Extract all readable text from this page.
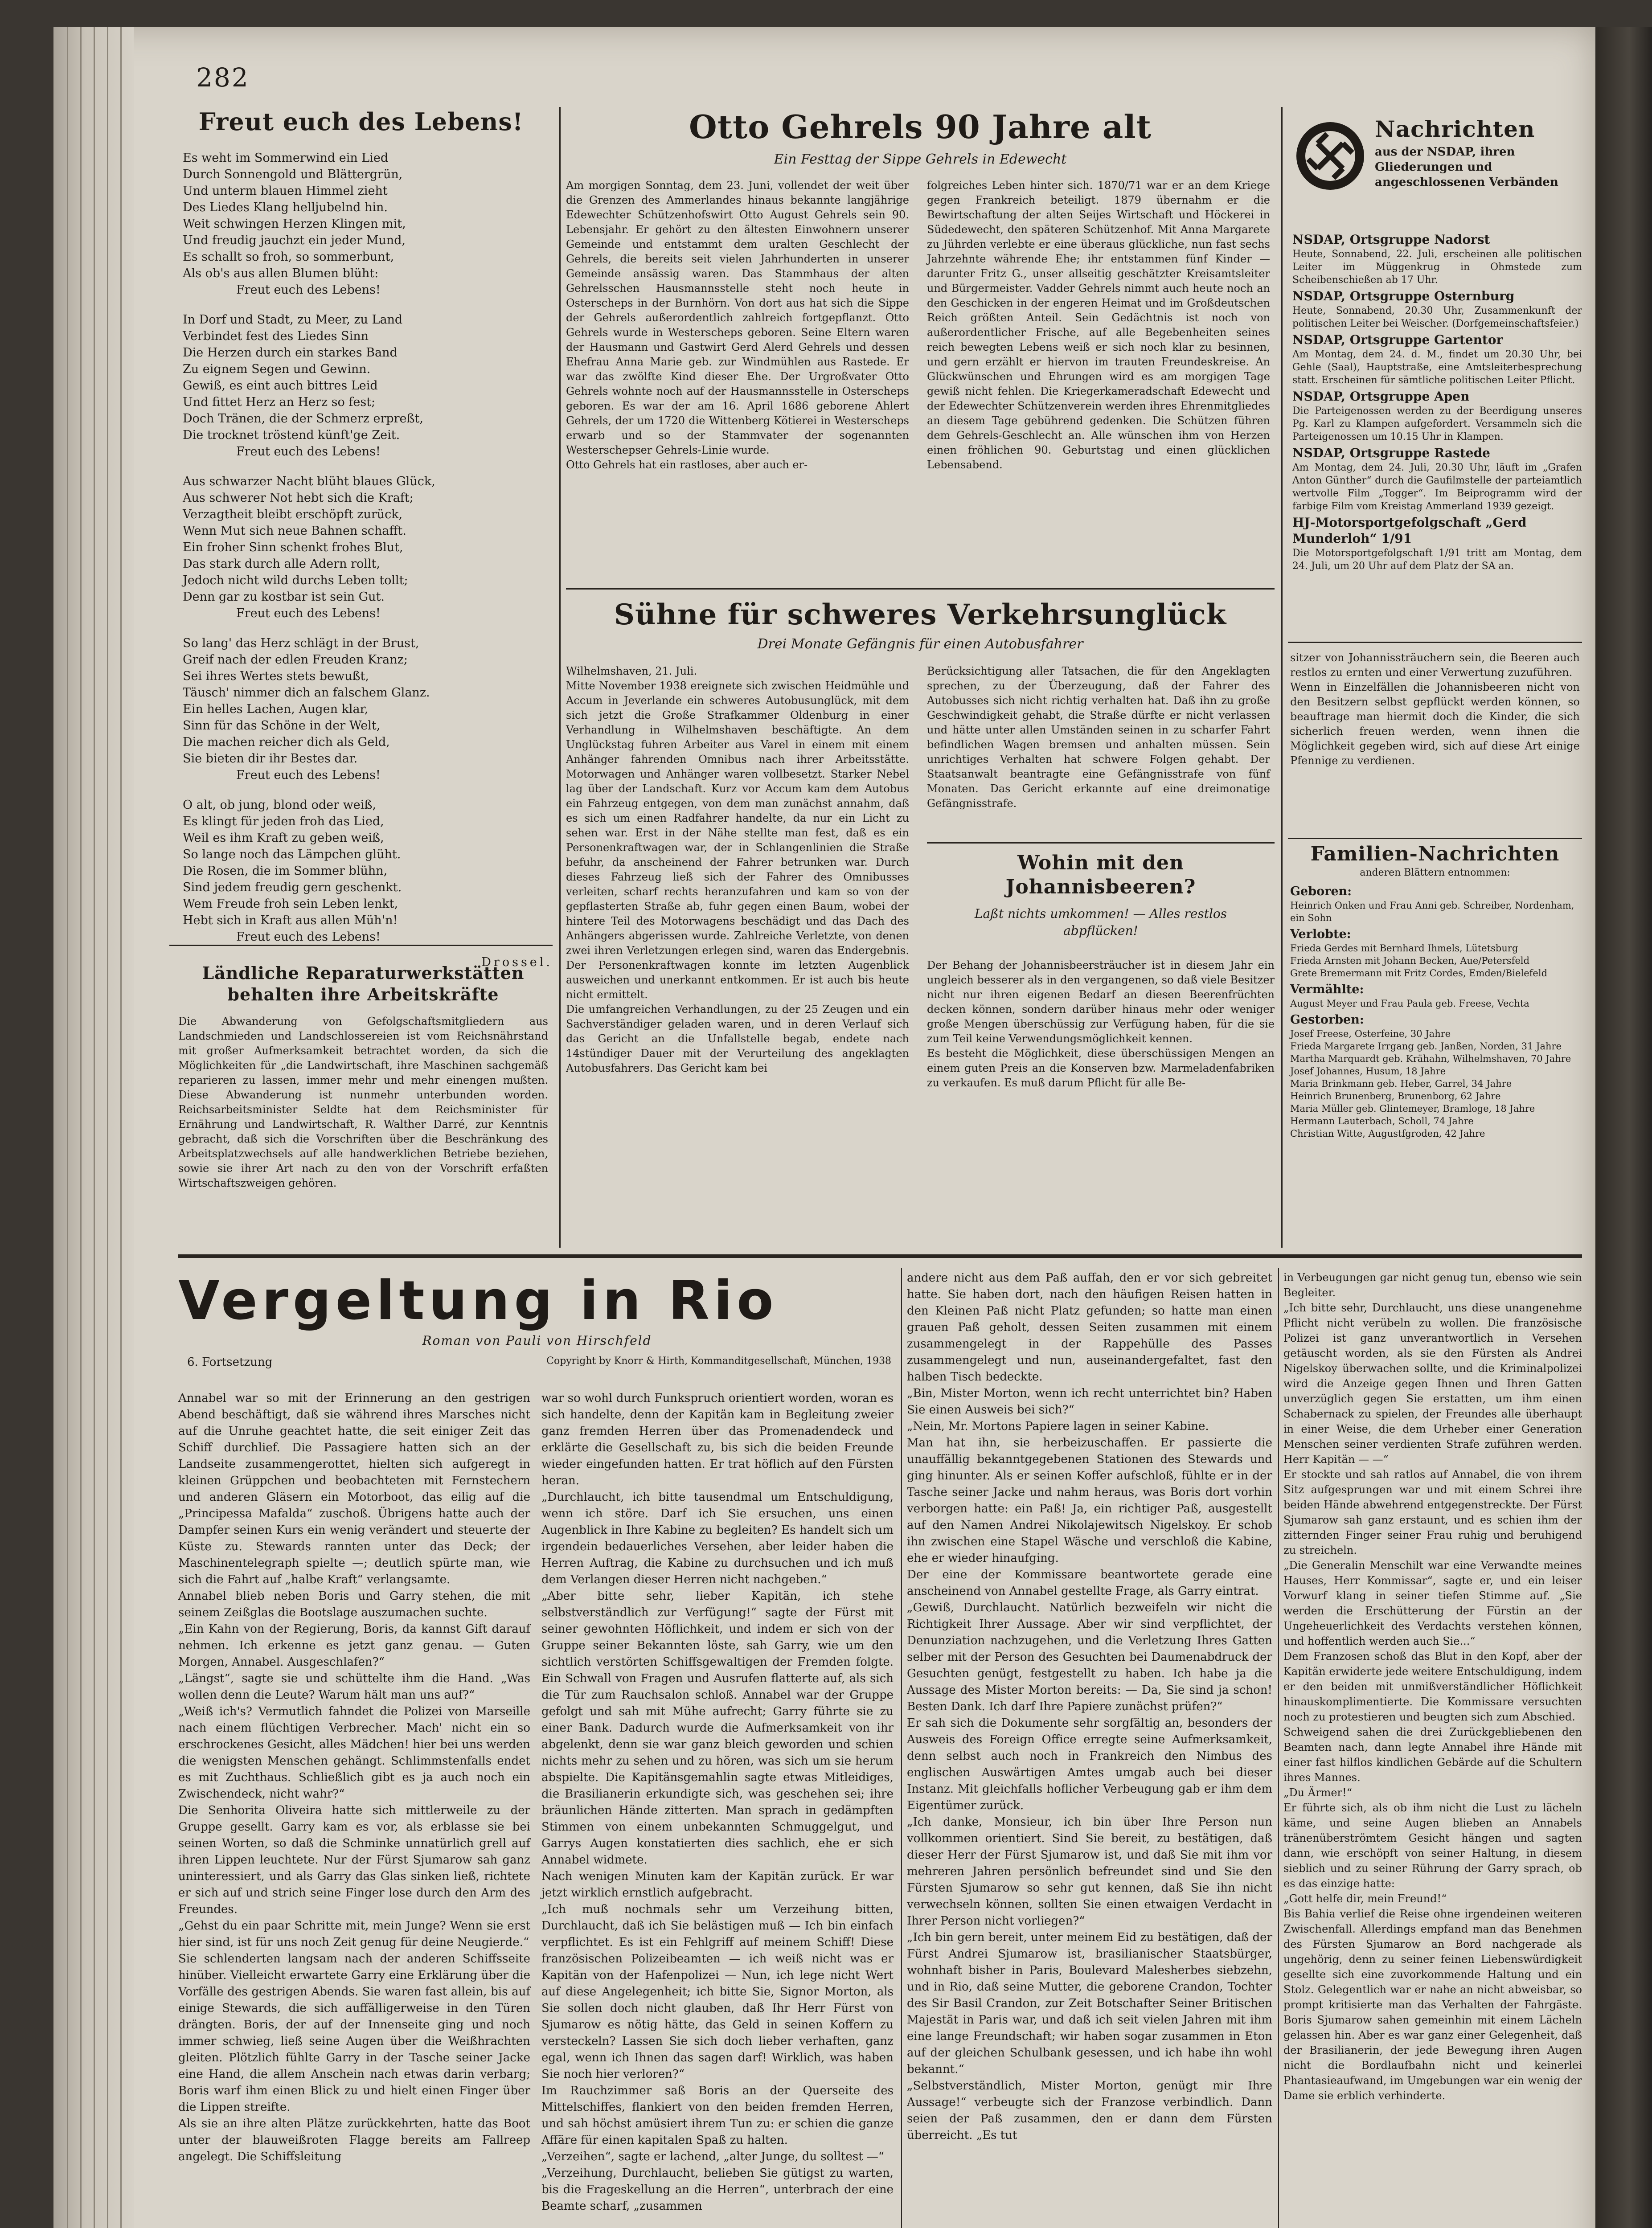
282
Freut euch des Lebens!

Es weht im Sommerwind ein Lied
Durch Sonnengold und Blättergrün,
Und unterm blauen Himmel zieht
Des Liedes Klang helljubelnd hin.
Weit schwingen Herzen Klingen mit,
Und freudig jauchzt ein jeder Mund,
Es schallt so froh, so sommerbunt,
Als ob's aus allen Blumen blüht:

Freut euch des Lebens!

In Dorf und Stadt, zu Meer, zu Land
Verbindet fest des Liedes Sinn
Die Herzen durch ein starkes Band
Zu eignem Segen und Gewinn.
Gewiß, es eint auch bittres Leid
Und fittet Herz an Herz so fest;
Doch Tränen, die der Schmerz erpreßt,
Die trocknet tröstend künft'ge Zeit.

Freut euch des Lebens!

Aus schwarzer Nacht blüht blaues Glück,
Aus schwerer Not hebt sich die Kraft;
Verzagtheit bleibt erschöpft zurück,
Wenn Mut sich neue Bahnen schafft.
Ein froher Sinn schenkt frohes Blut,
Das stark durch alle Adern rollt,
Jedoch nicht wild durchs Leben tollt;
Denn gar zu kostbar ist sein Gut.

Freut euch des Lebens!

So lang' das Herz schlägt in der Brust,
Greif nach der edlen Freuden Kranz;
Sei ihres Wertes stets bewußt,
Täusch' nimmer dich an falschem Glanz.
Ein helles Lachen, Augen klar,
Sinn für das Schöne in der Welt,
Die machen reicher dich als Geld,
Sie bieten dir ihr Bestes dar.

Freut euch des Lebens!

O alt, ob jung, blond oder weiß,
Es klingt für jeden froh das Lied,
Weil es ihm Kraft zu geben weiß,
So lange noch das Lämpchen glüht.
Die Rosen, die im Sommer blühn,
Sind jedem freudig gern geschenkt.
Wem Freude froh sein Leben lenkt,
Hebt sich in Kraft aus allen Müh'n!

Freut euch des Lebens!

Drossel.

Ländliche Reparaturwerkstätten behalten ihre Arbeitskräfte

Die Abwanderung von Gefolgschaftsmitgliedern aus Landschmieden und Landschlossereien ist vom Reichsnährstand mit großer Aufmerksamkeit betrachtet worden, da sich die Möglichkeiten für „die Landwirtschaft, ihre Maschinen sachgemäß reparieren zu lassen, immer mehr und mehr einengen mußten. Diese Abwanderung ist nunmehr unterbunden worden. Reichsarbeitsminister Seldte hat dem Reichsminister für Ernährung und Landwirtschaft, R. Walther Darré, zur Kenntnis gebracht, daß sich die Vorschriften über die Beschränkung des Arbeitsplatzwechsels auf alle handwerklichen Betriebe beziehen, sowie sie ihrer Art nach zu den von der Vorschrift erfaßten Wirtschaftszweigen gehören.

Otto Gehrels 90 Jahre alt

Ein Festtag der Sippe Gehrels in Edewecht

Am morgigen Sonntag, dem 23. Juni, vollendet der weit über die Grenzen des Ammerlandes hinaus bekannte langjährige Edewechter Schützenhofswirt Otto August Gehrels sein 90. Lebensjahr. Er gehört zu den ältesten Einwohnern unserer Gemeinde und entstammt dem uralten Geschlecht der Gehrels, die bereits seit vielen Jahrhunderten in unserer Gemeinde ansässig waren. Das Stammhaus der alten Gehrelsschen Hausmannsstelle steht noch heute in Osterscheps in der Burnhörn. Von dort aus hat sich die Sippe der Gehrels außerordentlich zahlreich fortgepflanzt. Otto Gehrels wurde in Westerscheps geboren. Seine Eltern waren der Hausmann und Gastwirt Gerd Alerd Gehrels und dessen Ehefrau Anna Marie geb. zur Windmühlen aus Rastede. Er war das zwölfte Kind dieser Ehe. Der Urgroßvater Otto Gehrels wohnte noch auf der Hausmannsstelle in Osterscheps geboren. Es war der am 16. April 1686 geborene Ahlert Gehrels, der um 1720 die Wittenberg Kötierei in Westerscheps erwarb und so der Stammvater der sogenannten Westerschepser Gehrels-Linie wurde.
Otto Gehrels hat ein rastloses, aber auch er-

folgreiches Leben hinter sich. 1870/71 war er an dem Kriege gegen Frankreich beteiligt. 1879 übernahm er die Bewirtschaftung der alten Seijes Wirtschaft und Höckerei in Südedewecht, den späteren Schützenhof. Mit Anna Margarete zu Jührden verlebte er eine überaus glückliche, nun fast sechs Jahrzehnte währende Ehe; ihr entstammen fünf Kinder — darunter Fritz G., unser allseitig geschätzter Kreisamtsleiter und Bürgermeister. Vadder Gehrels nimmt auch heute noch an den Geschicken in der engeren Heimat und im Großdeutschen Reich größten Anteil. Sein Gedächtnis ist noch von außerordentlicher Frische, auf alle Begebenheiten seines reich bewegten Lebens weiß er sich noch klar zu besinnen, und gern erzählt er hiervon im trauten Freundeskreise. An Glückwünschen und Ehrungen wird es am morgigen Tage gewiß nicht fehlen. Die Kriegerkameradschaft Edewecht und der Edewechter Schützenverein werden ihres Ehrenmitgliedes an diesem Tage gebührend gedenken. Die Schützen führen dem Gehrels-Geschlecht an. Alle wünschen ihm von Herzen einen fröhlichen 90. Geburtstag und einen glücklichen Lebensabend.

Sühne für schweres Verkehrsunglück

Drei Monate Gefängnis für einen Autobusfahrer

Wilhelmshaven, 21. Juli.
Mitte November 1938 ereignete sich zwischen Heidmühle und Accum in Jeverlande ein schweres Autobusunglück, mit dem sich jetzt die Große Strafkammer Oldenburg in einer Verhandlung in Wilhelmshaven beschäftigte. An dem Unglückstag fuhren Arbeiter aus Varel in einem mit einem Anhänger fahrenden Omnibus nach ihrer Arbeitsstätte. Motorwagen und Anhänger waren vollbesetzt. Starker Nebel lag über der Landschaft. Kurz vor Accum kam dem Autobus ein Fahrzeug entgegen, von dem man zunächst annahm, daß es sich um einen Radfahrer handelte, da nur ein Licht zu sehen war. Erst in der Nähe stellte man fest, daß es ein Personenkraftwagen war, der in Schlangenlinien die Straße befuhr, da anscheinend der Fahrer betrunken war. Durch dieses Fahrzeug ließ sich der Fahrer des Omnibusses verleiten, scharf rechts heranzufahren und kam so von der gepflasterten Straße ab, fuhr gegen einen Baum, wobei der hintere Teil des Motorwagens beschädigt und das Dach des Anhängers abgerissen wurde. Zahlreiche Verletzte, von denen zwei ihren Verletzungen erlegen sind, waren das Endergebnis. Der Personenkraftwagen konnte im letzten Augenblick ausweichen und unerkannt entkommen. Er ist auch bis heute nicht ermittelt.
Die umfangreichen Verhandlungen, zu der 25 Zeugen und ein Sachverständiger geladen waren, und in deren Verlauf sich das Gericht an die Unfallstelle begab, endete nach 14stündiger Dauer mit der Verurteilung des angeklagten Autobusfahrers. Das Gericht kam bei

Berücksichtigung aller Tatsachen, die für den Angeklagten sprechen, zu der Überzeugung, daß der Fahrer des Autobusses sich nicht richtig verhalten hat. Daß ihn zu große Geschwindigkeit gehabt, die Straße dürfte er nicht verlassen und hätte unter allen Umständen seinen in zu scharfer Fahrt befindlichen Wagen bremsen und anhalten müssen. Sein unrichtiges Verhalten hat schwere Folgen gehabt. Der Staatsanwalt beantragte eine Gefängnisstrafe von fünf Monaten. Das Gericht erkannte auf eine dreimonatige Gefängnisstrafe.

Wohin mit den Johannisbeeren?

Laßt nichts umkommen! — Alles restlos abpflücken!

Der Behang der Johannisbeersträucher ist in diesem Jahr ein ungleich besserer als in den vergangenen, so daß viele Besitzer nicht nur ihren eigenen Bedarf an diesen Beerenfrüchten decken können, sondern darüber hinaus mehr oder weniger große Mengen überschüssig zur Verfügung haben, für die sie zum Teil keine Verwendungsmöglichkeit kennen.
Es besteht die Möglichkeit, diese überschüssigen Mengen an einem guten Preis an die Konserven bzw. Marmeladenfabriken zu verkaufen. Es muß darum Pflicht für alle Be-

Nachrichten

aus der NSDAP, ihren Gliederungen und angeschlossenen Verbänden

NSDAP, Ortsgruppe Nadorst

Heute, Sonnabend, 22. Juli, erscheinen alle politischen Leiter im Müggenkrug in Ohmstede zum Scheibenschießen ab 17 Uhr.

NSDAP, Ortsgruppe Osternburg

Heute, Sonnabend, 20.30 Uhr, Zusammenkunft der politischen Leiter bei Weischer. (Dorfgemeinschaftsfeier.)

NSDAP, Ortsgruppe Gartentor

Am Montag, dem 24. d. M., findet um 20.30 Uhr, bei Gehle (Saal), Hauptstraße, eine Amtsleiterbesprechung statt. Erscheinen für sämtliche politischen Leiter Pflicht.

NSDAP, Ortsgruppe Apen

Die Parteigenossen werden zu der Beerdigung unseres Pg. Karl zu Klampen aufgefordert. Versammeln sich die Parteigenossen um 10.15 Uhr in Klampen.

NSDAP, Ortsgruppe Rastede

Am Montag, dem 24. Juli, 20.30 Uhr, läuft im „Grafen Anton Günther“ durch die Gaufilmstelle der parteiamtlich wertvolle Film „Togger“. Im Beiprogramm wird der farbige Film vom Kreistag Ammerland 1939 gezeigt.

HJ-Motorsportgefolgschaft „Gerd Munderloh“ 1/91

Die Motorsportgefolgschaft 1/91 tritt am Montag, dem 24. Juli, um 20 Uhr auf dem Platz der SA an.

sitzer von Johannissträuchern sein, die Beeren auch restlos zu ernten und einer Verwertung zuzuführen.
Wenn in Einzelfällen die Johannisbeeren nicht von den Besitzern selbst gepflückt werden können, so beauftrage man hiermit doch die Kinder, die sich sicherlich freuen werden, wenn ihnen die Möglichkeit gegeben wird, sich auf diese Art einige Pfennige zu verdienen.

Familien-Nachrichten

anderen Blättern entnommen:

Geboren:

Heinrich Onken und Frau Anni geb. Schreiber, Nordenham, ein Sohn

Verlobte:

Frieda Gerdes mit Bernhard Ihmels, Lütetsburg
Frieda Arnsten mit Johann Becken, Aue/Petersfeld
Grete Bremermann mit Fritz Cordes, Emden/Bielefeld

Vermählte:

August Meyer und Frau Paula geb. Freese, Vechta

Gestorben:

Josef Freese, Osterfeine, 30 Jahre
Frieda Margarete Irrgang geb. Janßen, Norden, 31 Jahre
Martha Marquardt geb. Krähahn, Wilhelmshaven, 70 Jahre
Josef Johannes, Husum, 18 Jahre
Maria Brinkmann geb. Heber, Garrel, 34 Jahre
Heinrich Brunenberg, Brunenborg, 62 Jahre
Maria Müller geb. Glintemeyer, Bramloge, 18 Jahre
Hermann Lauterbach, Scholl, 74 Jahre
Christian Witte, Augustfgroden, 42 Jahre

Vergeltung in Rio

Roman von Pauli von Hirschfeld

6. Fortsetzung	Copyright by Knorr & Hirth, Kommanditgesellschaft, München, 1938

Annabel war so mit der Erinnerung an den gestrigen Abend beschäftigt, daß sie während ihres Marsches nicht auf die Unruhe geachtet hatte, die seit einiger Zeit das Schiff durchlief. Die Passagiere hatten sich an der Landseite zusammengerottet, hielten sich aufgeregt in kleinen Grüppchen und beobachteten mit Fernstechern und anderen Gläsern ein Motorboot, das eilig auf die „Principessa Mafalda“ zuschoß. Übrigens hatte auch der Dampfer seinen Kurs ein wenig verändert und steuerte der Küste zu. Stewards rannten unter das Deck; der Maschinentelegraph spielte —; deutlich spürte man, wie sich die Fahrt auf „halbe Kraft“ verlangsamte.
Annabel blieb neben Boris und Garry stehen, die mit seinem Zeißglas die Bootslage auszumachen suchte.
„Ein Kahn von der Regierung, Boris, da kannst Gift darauf nehmen. Ich erkenne es jetzt ganz genau. — Guten Morgen, Annabel. Ausgeschlafen?“
„Längst“, sagte sie und schüttelte ihm die Hand. „Was wollen denn die Leute? Warum hält man uns auf?“
„Weiß ich's? Vermutlich fahndet die Polizei von Marseille nach einem flüchtigen Verbrecher. Mach' nicht ein so erschrockenes Gesicht, alles Mädchen! hier bei uns werden die wenigsten Menschen gehängt. Schlimmstenfalls endet es mit Zuchthaus. Schließlich gibt es ja auch noch ein Zwischendeck, nicht wahr?“
Die Senhorita Oliveira hatte sich mittlerweile zu der Gruppe gesellt. Garry kam es vor, als erblasse sie bei seinen Worten, so daß die Schminke unnatürlich grell auf ihren Lippen leuchtete. Nur der Fürst Sjumarow sah ganz uninteressiert, und als Garry das Glas sinken ließ, richtete er sich auf und strich seine Finger lose durch den Arm des Freundes.
„Gehst du ein paar Schritte mit, mein Junge? Wenn sie erst hier sind, ist für uns noch Zeit genug für deine Neugierde.“
Sie schlenderten langsam nach der anderen Schiffsseite hinüber. Vielleicht erwartete Garry eine Erklärung über die Vorfälle des gestrigen Abends. Sie waren fast allein, bis auf einige Stewards, die sich auffälligerweise in den Türen drängten. Boris, der auf der Innenseite ging und noch immer schwieg, ließ seine Augen über die Weißhrachten gleiten. Plötzlich fühlte Garry in der Tasche seiner Jacke eine Hand, die allem Anschein nach etwas darin verbarg; Boris warf ihm einen Blick zu und hielt einen Finger über die Lippen streifte.
Als sie an ihre alten Plätze zurückkehrten, hatte das Boot unter der blauweißroten Flagge bereits am Fallreep angelegt. Die Schiffsleitung

war so wohl durch Funkspruch orientiert worden, woran es sich handelte, denn der Kapitän kam in Begleitung zweier ganz fremden Herren über das Promenadendeck und erklärte die Gesellschaft zu, bis sich die beiden Freunde wieder eingefunden hatten. Er trat höflich auf den Fürsten heran.
„Durchlaucht, ich bitte tausendmal um Entschuldigung, wenn ich störe. Darf ich Sie ersuchen, uns einen Augenblick in Ihre Kabine zu begleiten? Es handelt sich um irgendein bedauerliches Versehen, aber leider haben die Herren Auftrag, die Kabine zu durchsuchen und ich muß dem Verlangen dieser Herren nicht nachgeben.“
„Aber bitte sehr, lieber Kapitän, ich stehe selbstverständlich zur Verfügung!“ sagte der Fürst mit seiner gewohnten Höflichkeit, und indem er sich von der Gruppe seiner Bekannten löste, sah Garry, wie um den sichtlich verstörten Schiffsgewaltigen der Fremden folgte. Ein Schwall von Fragen und Ausrufen flatterte auf, als sich die Tür zum Rauchsalon schloß. Annabel war der Gruppe gefolgt und sah mit Mühe aufrecht; Garry führte sie zu einer Bank. Dadurch wurde die Aufmerksamkeit von ihr abgelenkt, denn sie war ganz bleich geworden und schien nichts mehr zu sehen und zu hören, was sich um sie herum abspielte. Die Kapitänsgemahlin sagte etwas Mitleidiges, die Brasilianerin erkundigte sich, was geschehen sei; ihre bräunlichen Hände zitterten. Man sprach in gedämpften Stimmen von einem unbekannten Schmuggelgut, und Garrys Augen konstatierten dies sachlich, ehe er sich Annabel widmete.
Nach wenigen Minuten kam der Kapitän zurück. Er war jetzt wirklich ernstlich aufgebracht.
„Ich muß nochmals sehr um Verzeihung bitten, Durchlaucht, daß ich Sie belästigen muß — Ich bin einfach verpflichtet. Es ist ein Fehlgriff auf meinem Schiff! Diese französischen Polizeibeamten — ich weiß nicht was er Kapitän von der Hafenpolizei — Nun, ich lege nicht Wert auf diese Angelegenheit; ich bitte Sie, Signor Morton, als Sie sollen doch nicht glauben, daß Ihr Herr Fürst von Sjumarow es nötig hätte, das Geld in seinen Koffern zu versteckeln? Lassen Sie sich doch lieber verhaften, ganz egal, wenn ich Ihnen das sagen darf! Wirklich, was haben Sie noch hier verloren?“
Im Rauchzimmer saß Boris an der Querseite des Mittelschiffes, flankiert von den beiden fremden Herren, und sah höchst amüsiert ihrem Tun zu: er schien die ganze Affäre für einen kapitalen Spaß zu halten.
„Verzeihen“, sagte er lachend, „alter Junge, du solltest —“
„Verzeihung, Durchlaucht, belieben Sie gütigst zu warten, bis die Frageskellung an die Herren“, unterbrach der eine Beamte scharf, „zusammen

andere nicht aus dem Paß auffah, den er vor sich gebreitet hatte. Sie haben dort, nach den häufigen Reisen hatten in den Kleinen Paß nicht Platz gefunden; so hatte man einen grauen Paß geholt, dessen Seiten zusammen mit einem zusammengelegt in der Rappehülle des Passes zusammengelegt und nun, auseinandergefaltet, fast den halben Tisch bedeckte.
„Bin, Mister Morton, wenn ich recht unterrichtet bin? Haben Sie einen Ausweis bei sich?“
„Nein, Mr. Mortons Papiere lagen in seiner Kabine.
Man hat ihn, sie herbeizuschaffen. Er passierte die unauffällig bekanntgegebenen Stationen des Stewards und ging hinunter. Als er seinen Koffer aufschloß, fühlte er in der Tasche seiner Jacke und nahm heraus, was Boris dort vorhin verborgen hatte: ein Paß! Ja, ein richtiger Paß, ausgestellt auf den Namen Andrei Nikolajewitsch Nigelskoy. Er schob ihn zwischen eine Stapel Wäsche und verschloß die Kabine, ehe er wieder hinaufging.
Der eine der Kommissare beantwortete gerade eine anscheinend von Annabel gestellte Frage, als Garry eintrat.
„Gewiß, Durchlaucht. Natürlich bezweifeln wir nicht die Richtigkeit Ihrer Aussage. Aber wir sind verpflichtet, der Denunziation nachzugehen, und die Verletzung Ihres Gatten selber mit der Person des Gesuchten bei Daumenabdruck der Gesuchten genügt, festgestellt zu haben. Ich habe ja die Aussage des Mister Morton bereits: — Da, Sie sind ja schon! Besten Dank. Ich darf Ihre Papiere zunächst prüfen?“
Er sah sich die Dokumente sehr sorgfältig an, besonders der Ausweis des Foreign Office erregte seine Aufmerksamkeit, denn selbst auch noch in Frankreich den Nimbus des englischen Auswärtigen Amtes umgab auch bei dieser Instanz. Mit gleichfalls hoflicher Verbeugung gab er ihm dem Eigentümer zurück.
„Ich danke, Monsieur, ich bin über Ihre Person nun vollkommen orientiert. Sind Sie bereit, zu bestätigen, daß dieser Herr der Fürst Sjumarow ist, und daß Sie mit ihm vor mehreren Jahren persönlich befreundet sind und Sie den Fürsten Sjumarow so sehr gut kennen, daß Sie ihn nicht verwechseln können, sollten Sie einen etwaigen Verdacht in Ihrer Person nicht vorliegen?“
„Ich bin gern bereit, unter meinem Eid zu bestätigen, daß der Fürst Andrei Sjumarow ist, brasilianischer Staatsbürger, wohnhaft bisher in Paris, Boulevard Malesherbes siebzehn, und in Rio, daß seine Mutter, die geborene Crandon, Tochter des Sir Basil Crandon, zur Zeit Botschafter Seiner Britischen Majestät in Paris war, und daß ich seit vielen Jahren mit ihm eine lange Freundschaft; wir haben sogar zusammen in Eton auf der gleichen Schulbank gesessen, und ich habe ihn wohl bekannt.“
„Selbstverständlich, Mister Morton, genügt mir Ihre Aussage!“ verbeugte sich der Franzose verbindlich. Dann seien der Paß zusammen, den er dann dem Fürsten überreicht. „Es tut

in Verbeugungen gar nicht genug tun, ebenso wie sein Begleiter.
„Ich bitte sehr, Durchlaucht, uns diese unangenehme Pflicht nicht verübeln zu wollen. Die französische Polizei ist ganz unverantwortlich in Versehen getäuscht worden, als sie den Fürsten als Andrei Nigelskoy überwachen sollte, und die Kriminalpolizei wird die Anzeige gegen Ihnen und Ihren Gatten unverzüglich gegen Sie erstatten, um ihm einen Schabernack zu spielen, der Freundes alle überhaupt in einer Weise, die dem Urheber einer Generation Menschen seiner verdienten Strafe zuführen werden. Herr Kapitän — —“
Er stockte und sah ratlos auf Annabel, die von ihrem Sitz aufgesprungen war und mit einem Schrei ihre beiden Hände abwehrend entgegenstreckte. Der Fürst Sjumarow sah ganz erstaunt, und es schien ihm der zitternden Finger seiner Frau ruhig und beruhigend zu streicheln.
„Die Generalin Menschilt war eine Verwandte meines Hauses, Herr Kommissar“, sagte er, und ein leiser Vorwurf klang in seiner tiefen Stimme auf. „Sie werden die Erschütterung der Fürstin an der Ungeheuerlichkeit des Verdachts verstehen können, und hoffentlich werden auch Sie...“
Dem Franzosen schoß das Blut in den Kopf, aber der Kapitän erwiderte jede weitere Entschuldigung, indem er den beiden mit unmißverständlicher Höflichkeit hinauskomplimentierte. Die Kommissare versuchten noch zu protestieren und beugten sich zum Abschied.
Schweigend sahen die drei Zurückgebliebenen den Beamten nach, dann legte Annabel ihre Hände mit einer fast hilflos kindlichen Gebärde auf die Schultern ihres Mannes.
„Du Ärmer!“
Er führte sich, als ob ihm nicht die Lust zu lächeln käme, und seine Augen blieben an Annabels tränenüberströmtem Gesicht hängen und sagten dann, wie erschöpft von seiner Haltung, in diesem sieblich und zu seiner Rührung der Garry sprach, ob es das einzige hatte:
„Gott helfe dir, mein Freund!“
Bis Bahia verlief die Reise ohne irgendeinen weiteren Zwischenfall. Allerdings empfand man das Benehmen des Fürsten Sjumarow an Bord nachgerade als ungehörig, denn zu seiner feinen Liebenswürdigkeit gesellte sich eine zuvorkommende Haltung und ein Stolz. Gelegentlich war er nahe an nicht abweisbar, so prompt kritisierte man das Verhalten der Fahrgäste. Boris Sjumarow sahen gemeinhin mit einem Lächeln gelassen hin. Aber es war ganz einer Gelegenheit, daß der Brasilianerin, der jede Bewegung ihren Augen nicht die Bordlaufbahn nicht und keinerlei Phantasieaufwand, im Umgebungen war ein wenig der Dame sie erblich verhinderte.
